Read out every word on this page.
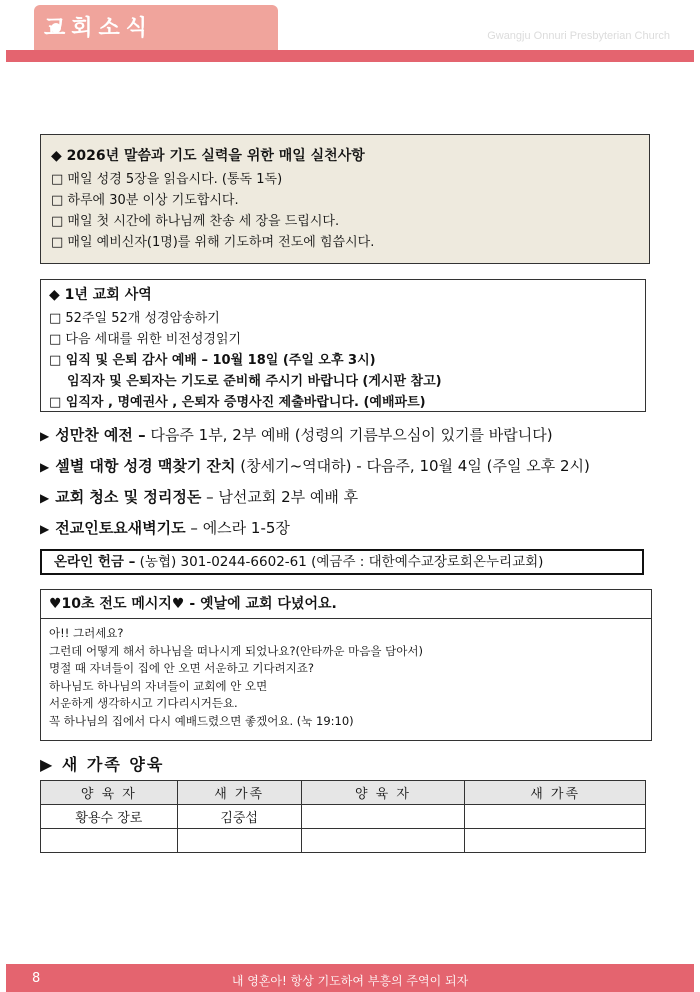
교회소식	Gwangju Onnuri Presbyterian Church
◆ 2026년 말씀과 기도 실력을 위한 매일 실천사항
□ 매일 성경 5장을 읽읍시다. (통독 1독)
□ 하루에 30분 이상 기도합시다.
□ 매일 첫 시간에 하나님께 찬송 세 장을 드립시다.
□ 매일 예비신자(1명)를 위해 기도하며 전도에 힘씁시다.
◆ 1년 교회 사역
□ 52주일 52개 성경암송하기
□ 다음 세대를 위한 비전성경읽기
□ 임직 및 은퇴 감사 예배 – 10월 18일 (주일 오후 3시)
임직자 및 은퇴자는 기도로 준비해 주시기 바랍니다 (게시판 참고)
□ 임직자 , 명예권사 , 은퇴자 증명사진 제출바랍니다. (예배파트)
▶ 성만찬 예전 – 다음주 1부, 2부 예배 (성령의 기름부으심이 있기를 바랍니다)
▶ 셀별 대항 성경 맥찾기 잔치 (창세기~역대하) - 다음주, 10월 4일 (주일 오후 2시)
▶ 교회 청소 및 정리정돈 – 남선교회 2부 예배 후
▶ 전교인토요새벽기도 – 에스라 1-5장
온라인 헌금 – (농협) 301-0244-6602-61 (예금주 : 대한예수교장로회온누리교회)
♥10초 전도 메시지♥ - 옛날에 교회 다녔어요.
아!! 그러세요?
그런데 어떻게 해서 하나님을 떠나시게 되었나요?(안타까운 마음을 담아서)
명절 때 자녀들이 집에 안 오면 서운하고 기다려지죠?
하나님도 하나님의 자녀들이 교회에 안 오면
서운하게 생각하시고 기다리시거든요.
꼭 하나님의 집에서 다시 예배드렸으면 좋겠어요. (눅 19:10)
▶ 새 가족 양육
양 육 자	새 가족	양 육 자	새 가족
황용수 장로	김중섭		

8	내 영혼아! 항상 기도하여 부흥의 주역이 되자
